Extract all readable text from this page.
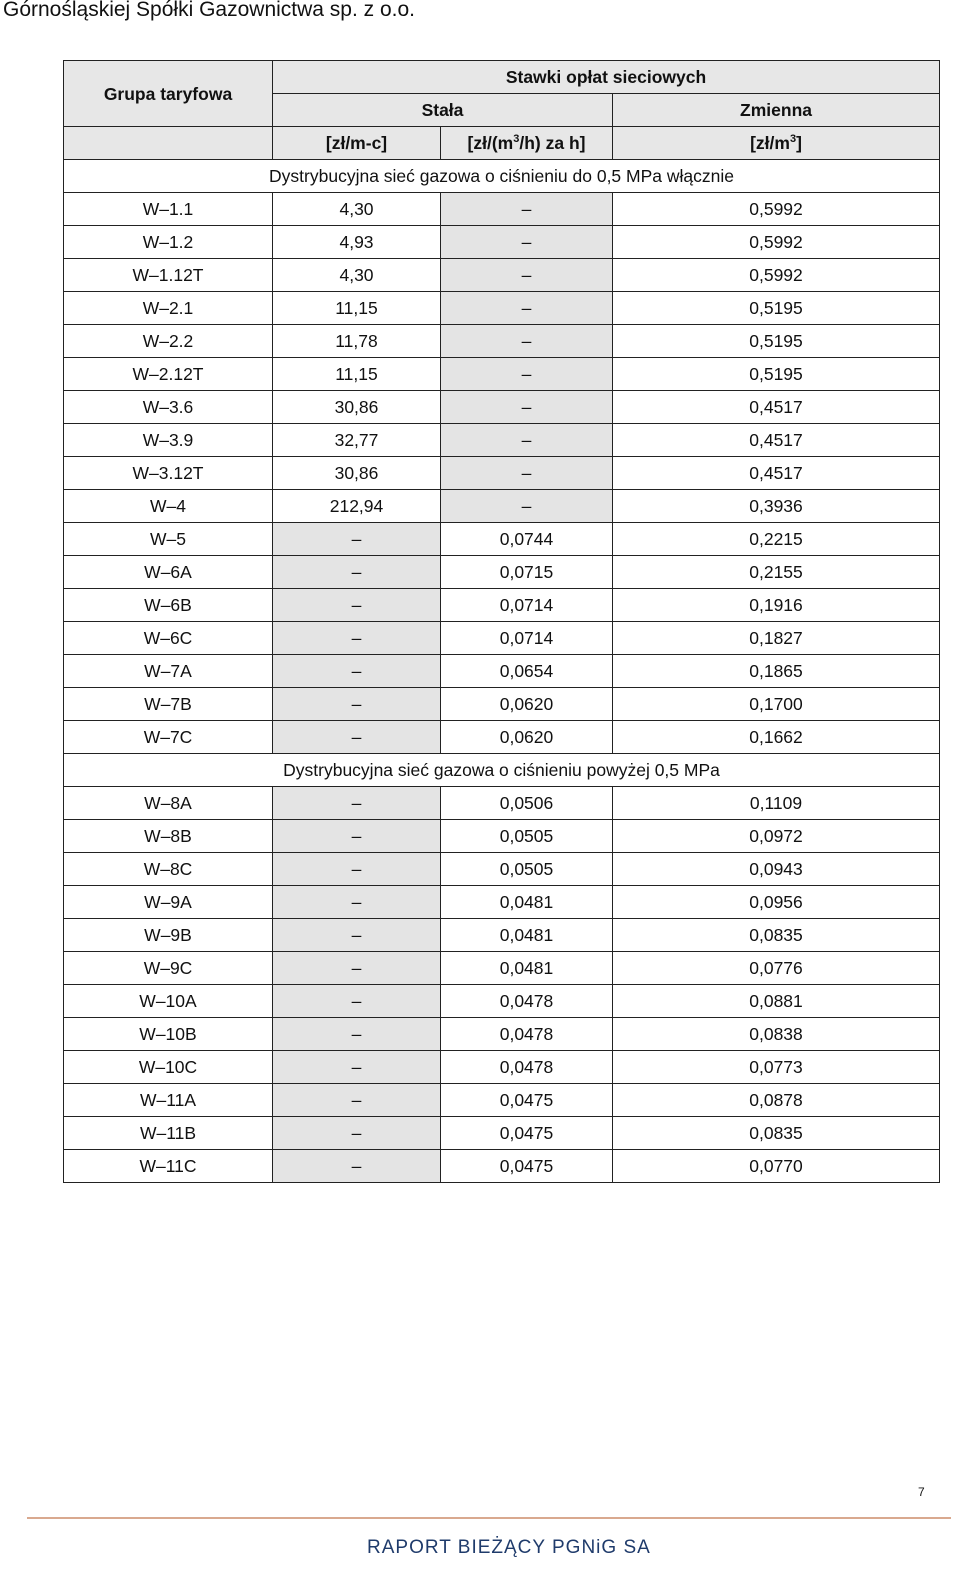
Górnośląskiej Spółki Gazownictwa sp. z o.o.
Grupa taryfowa	Stawki opłat sieciowych		
	Stała		Zmienna
	[zł/m-c]	[$zł/(m^3/h)$ za h]	$[zł/m^3]$
Dystrybucyjna sieć gazowa o ciśnieniu do 0,5 MPa włącznie			
W–1.1	4,30	–	0,5992
W–1.2	4,93	–	0,5992
W–1.12T	4,30	–	0,5992
W–2.1	11,15	–	0,5195
W–2.2	11,78	–	0,5195
W–2.12T	11,15	–	0,5195
W–3.6	30,86	–	0,4517
W–3.9	32,77	–	0,4517
W–3.12T	30,86	–	0,4517
W–4	212,94	–	0,3936
W–5	–	0,0744	0,2215
W–6A	–	0,0715	0,2155
W–6B	–	0,0714	0,1916
W–6C	–	0,0714	0,1827
W–7A	–	0,0654	0,1865
W–7B	–	0,0620	0,1700
W–7C	–	0,0620	0,1662
Dystrybucyjna sieć gazowa o ciśnieniu powyżej 0,5 MPa			
W–8A	–	0,0506	0,1109
W–8B	–	0,0505	0,0972
W–8C	–	0,0505	0,0943
W–9A	–	0,0481	0,0956
W–9B	–	0,0481	0,0835
W–9C	–	0,0481	0,0776
W–10A	–	0,0478	0,0881
W–10B	–	0,0478	0,0838
W–10C	–	0,0478	0,0773
W–11A	–	0,0475	0,0878
W–11B	–	0,0475	0,0835
W–11C	–	0,0475	0,0770
7
RAPORT BIEŻĄCY PGNiG SA
